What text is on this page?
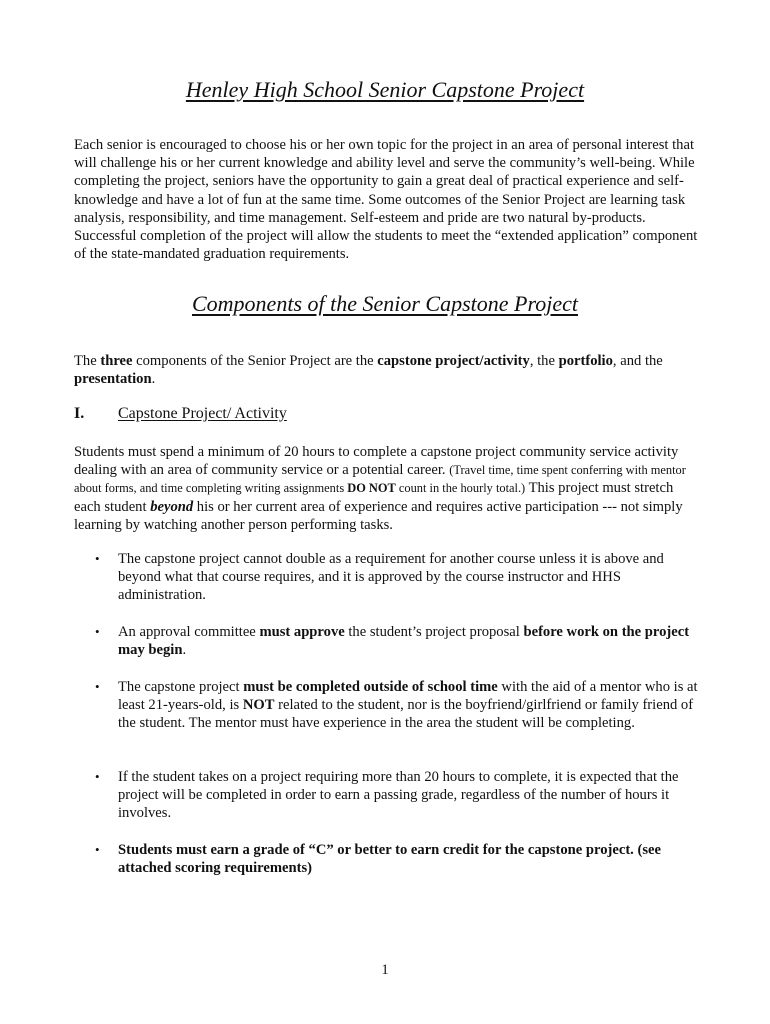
Henley High School Senior Capstone Project

Each senior is encouraged to choose his or her own topic for the project in an area of personal interest that will challenge his or her current knowledge and ability level and serve the community’s well-being. While completing the project, seniors have the opportunity to gain a great deal of practical experience and self-knowledge and have a lot of fun at the same time. Some outcomes of the Senior Project are learning task analysis, responsibility, and time management. Self-esteem and pride are two natural by-products. Successful completion of the project will allow the students to meet the “extended application” component of the state-mandated graduation requirements.

Components of the Senior Capstone Project

The three components of the Senior Project are the capstone project/activity, the portfolio, and the presentation.

I. Capstone Project/ Activity

Students must spend a minimum of 20 hours to complete a capstone project community service activity dealing with an area of community service or a potential career. (Travel time, time spent conferring with mentor about forms, and time completing writing assignments DO NOT count in the hourly total.) This project must stretch each student beyond his or her current area of experience and requires active participation --- not simply learning by watching another person performing tasks.

• The capstone project cannot double as a requirement for another course unless it is above and beyond what that course requires, and it is approved by the course instructor and HHS administration.
• An approval committee must approve the student’s project proposal before work on the project may begin.
• The capstone project must be completed outside of school time with the aid of a mentor who is at least 21-years-old, is NOT related to the student, nor is the boyfriend/girlfriend or family friend of the student. The mentor must have experience in the area the student will be completing.
• If the student takes on a project requiring more than 20 hours to complete, it is expected that the project will be completed in order to earn a passing grade, regardless of the number of hours it involves.
• Students must earn a grade of “C” or better to earn credit for the capstone project. (see attached scoring requirements)
1
